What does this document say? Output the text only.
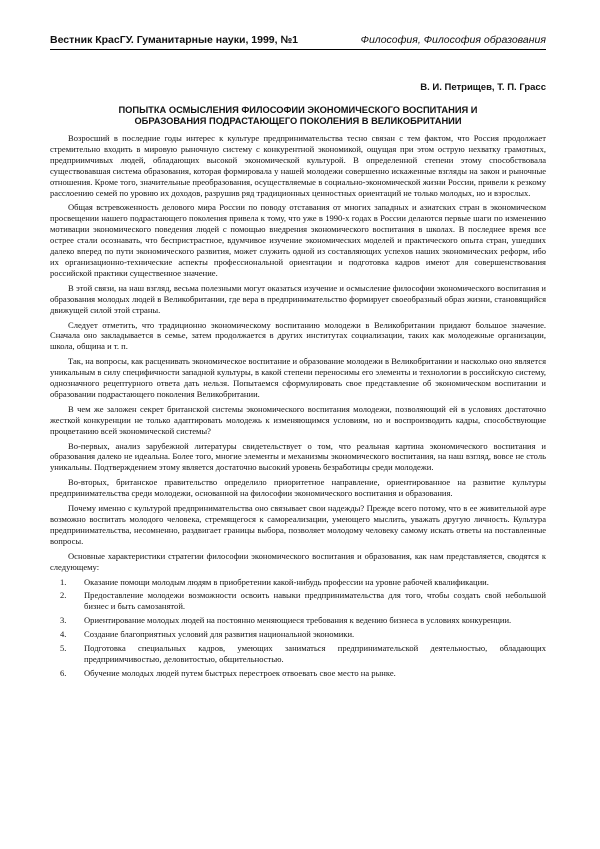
Вестник КрасГУ. Гуманитарные науки, 1999, №1	Философия, Философия образования
В. И. Петрищев, Т. П. Грасс
ПОПЫТКА ОСМЫСЛЕНИЯ ФИЛОСОФИИ ЭКОНОМИЧЕСКОГО ВОСПИТАНИЯ И
ОБРАЗОВАНИЯ ПОДРАСТАЮЩЕГО ПОКОЛЕНИЯ В ВЕЛИКОБРИТАНИИ

Возросший в последние годы интерес к культуре предпринимательства тесно связан с тем фактом, что Россия продолжает стремительно входить в мировую рыночную систему с конкурентной экономикой, ощущая при этом острую нехватку грамотных, предприимчивых людей, обладающих высокой экономической культурой. В определенной степени этому способствовала существовавшая система образования, которая формировала у нашей молодежи совершенно искаженные взгляды на закон и рыночные отношения. Кроме того, значительные преобразования, осуществляемые в социально-экономической жизни России, привели к резкому расслоению семей по уровню их доходов, разрушив ряд традиционных ценностных ориентаций не только молодых, но и взрослых.

Общая встревоженность делового мира России по поводу отставания от многих западных и азиатских стран в экономическом просвещении нашего подрастающего поколения привела к тому, что уже в 1990-х годах в России делаются первые шаги по изменению мотивации экономического поведения людей с помощью внедрения экономического воспитания в школах. В последнее время все острее стали осознавать, что беспристрастное, вдумчивое изучение экономических моделей и практического опыта стран, ушедших далеко вперед по пути экономического развития, может служить одной из составляющих успехов наших экономических реформ, ибо их организационно-технические аспекты профессиональной ориентации и подготовка кадров имеют для совершенствования российской практики существенное значение.

В этой связи, на наш взгляд, весьма полезными могут оказаться изучение и осмысление философии экономического воспитания и образования молодых людей в Великобритании, где вера в предпринимательство формирует своеобразный образ жизни, становящийся движущей силой этой страны.

Следует отметить, что традиционно экономическому воспитанию молодежи в Великобритании придают большое значение. Сначала оно закладывается в семье, затем продолжается в других институтах социализации, таких как молодежные организации, школа, община и т. п.

Так, на вопросы, как расценивать экономическое воспитание и образование молодежи в Великобритании и насколько оно является уникальным в силу специфичности западной культуры, в какой степени переносимы его элементы и технологии в российскую систему, однозначного рецептурного ответа дать нельзя. Попытаемся сформулировать свое представление об экономическом воспитании и образовании подрастающего поколения Великобритании.

В чем же заложен секрет британской системы экономического воспитания молодежи, позволяющий ей в условиях достаточно жесткой конкуренции не только адаптировать молодежь к изменяющимся условиям, но и воспроизводить кадры, способствующие процветанию всей экономической системы?

Во-первых, анализ зарубежной литературы свидетельствует о том, что реальная картина экономического воспитания и образования далеко не идеальна. Более того, многие элементы и механизмы экономического воспитания, на наш взгляд, вовсе не столь уникальны. Подтверждением этому является достаточно высокий уровень безработицы среди молодежи.

Во-вторых, британское правительство определило приоритетное направление, ориентированное на развитие культуры предпринимательства среди молодежи, основанной на философии экономического воспитания и образования.

Почему именно с культурой предпринимательства оно связывает свои надежды? Прежде всего потому, что в ее живительной ауре возможно воспитать молодого человека, стремящегося к самореализации, умеющего мыслить, уважать другую личность. Культура предпринимательства, несомненно, раздвигает границы выбора, позволяет молодому человеку самому искать ответы на поставленные вопросы.

Основные характеристики стратегии философии экономического воспитания и образования, как нам представляется, сводятся к следующему:

1.	Оказание помощи молодым людям в приобретении какой-нибудь профессии на уровне рабочей квалификации.
2.	Предоставление молодежи возможности освоить навыки предпринимательства для того, чтобы создать свой небольшой бизнес и быть самозанятой.
3.	Ориентирование молодых людей на постоянно меняющиеся требования к ведению бизнеса в условиях конкуренции.
4.	Создание благоприятных условий для развития национальной экономики.
5.	Подготовка специальных кадров, умеющих заниматься предпринимательской деятельностью, обладающих предприимчивостью, деловитостью, общительностью.
6.	Обучение молодых людей путем быстрых перестроек отвоевать свое место на рынке.
